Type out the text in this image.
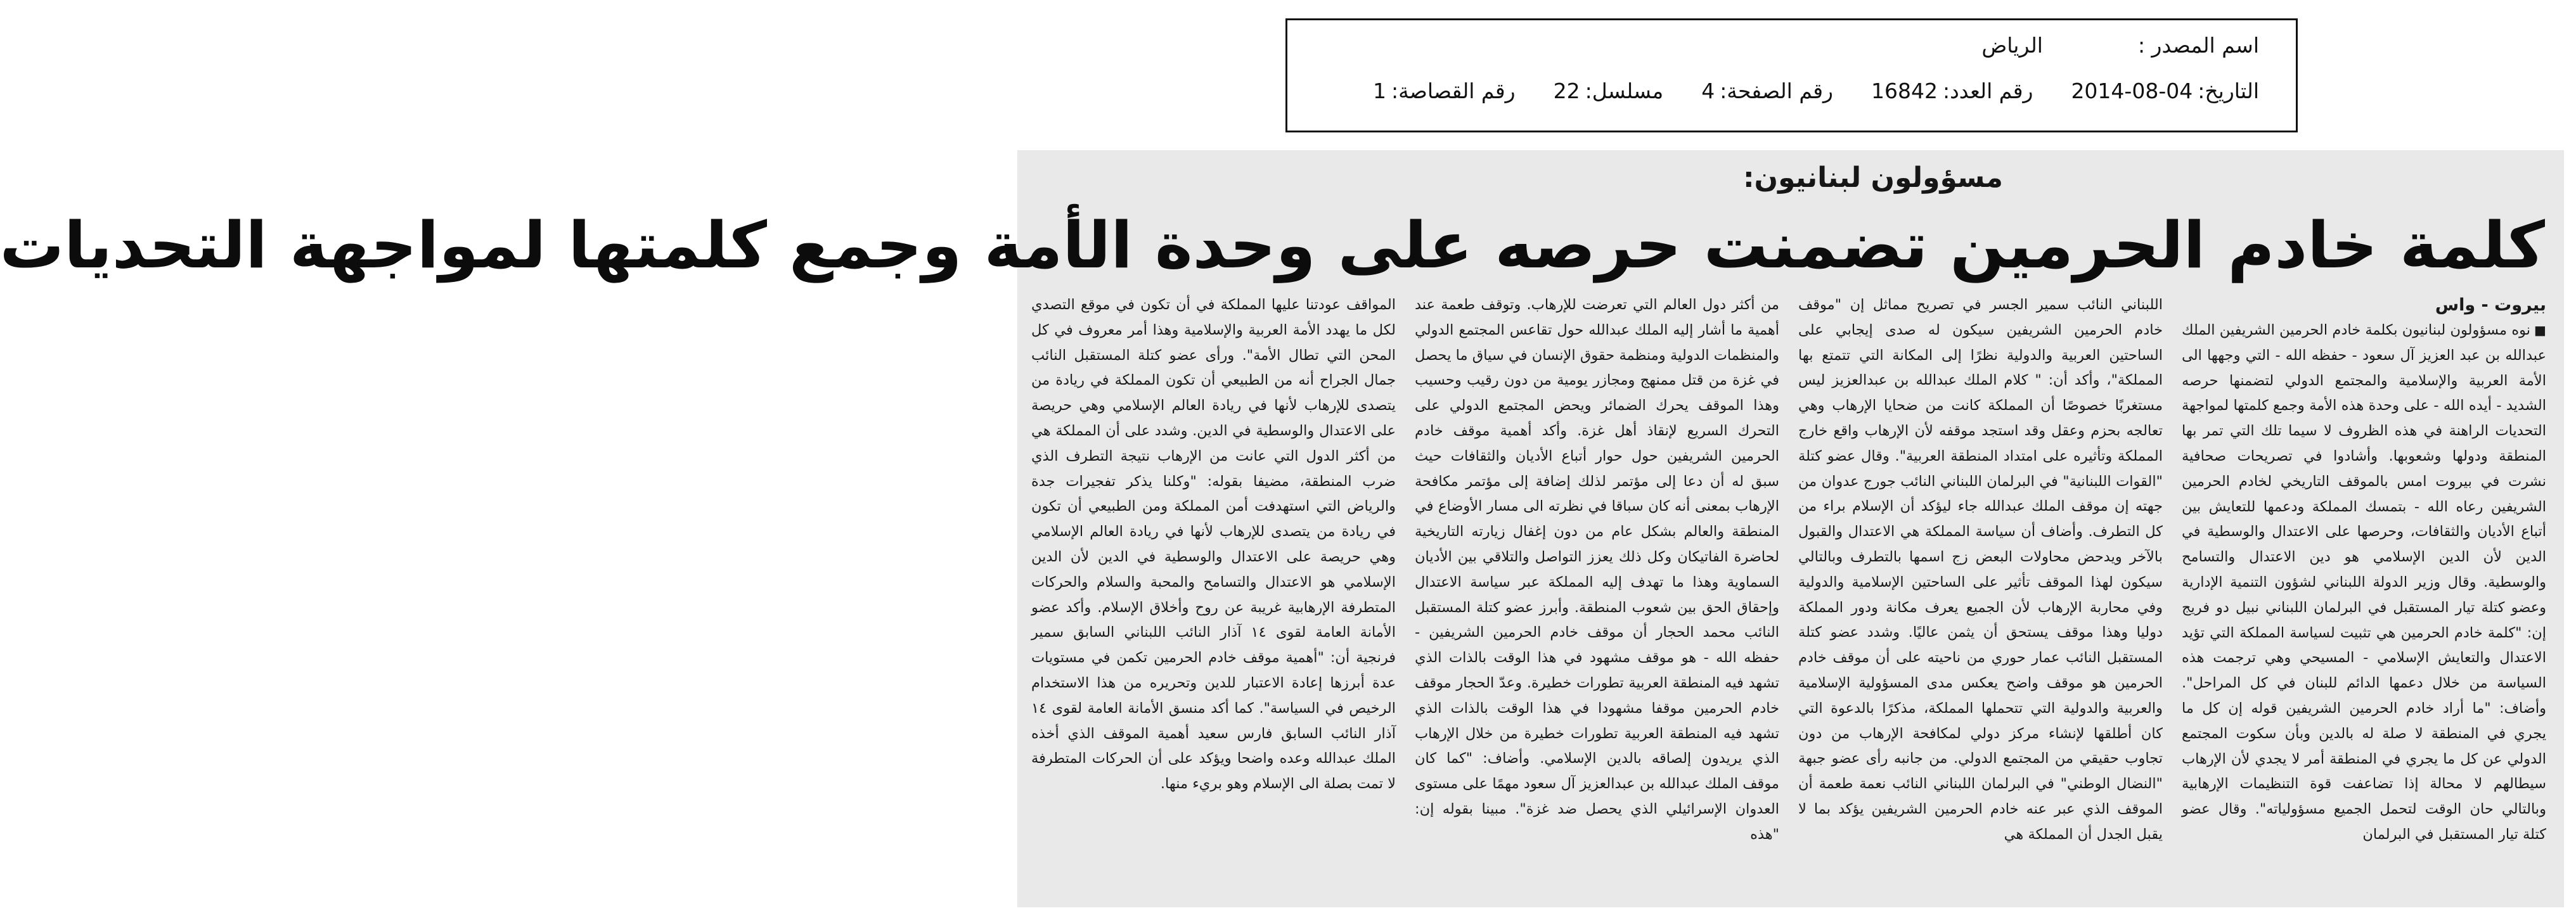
اسم المصدر :
الرياض
التاريخ:
2014-08-04
رقم العدد:
16842
رقم الصفحة:
4
مسلسل:
22
رقم القصاصة:
1
مسؤولون لبنانيون:
كلمة خادم الحرمين تضمنت حرصه على وحدة الأمة وجمع كلمتها لمواجهة التحديات
بيروت - واس

■نوه مسؤولون لبنانيون بكلمة خادم الحرمين الشريفين الملك عبدالله بن عبد العزيز آل سعود - حفظه الله - التي وجهها الى الأمة العربية والإسلامية والمجتمع الدولي لتضمنها حرصه الشديد - أيده الله - على وحدة هذه الأمة وجمع كلمتها لمواجهة التحديات الراهنة في هذه الظروف لا سيما تلك التي تمر بها المنطقة ودولها وشعوبها. وأشادوا في تصريحات صحافية نشرت في بيروت امس بالموقف التاريخي لخادم الحرمين الشريفين رعاه الله - بتمسك المملكة ودعمها للتعايش بين أتباع الأديان والثقافات، وحرصها على الاعتدال والوسطية في الدين لأن الدين الإسلامي هو دين الاعتدال والتسامح والوسطية. وقال وزير الدولة اللبناني لشؤون التنمية الإدارية وعضو كتلة تيار المستقبل في البرلمان اللبناني نبيل دو فريج إن: "كلمة خادم الحرمين هي تثبيت لسياسة المملكة التي تؤيد الاعتدال والتعايش الإسلامي - المسيحي وهي ترجمت هذه السياسة من خلال دعمها الدائم للبنان في كل المراحل". وأضاف: "ما أراد خادم الحرمين الشريفين قوله إن كل ما يجري في المنطقة لا صلة له بالدين وبأن سكوت المجتمع الدولي عن كل ما يجري في المنطقة أمر لا يجدي لأن الإرهاب سيطالهم لا محالة إذا تضاعفت قوة التنظيمات الإرهابية وبالتالي حان الوقت لتحمل الجميع مسؤولياته". وقال عضو كتلة تيار المستقبل في البرلمان

اللبناني النائب سمير الجسر في تصريح مماثل إن "موقف خادم الحرمين الشريفين سيكون له صدى إيجابي على الساحتين العربية والدولية نظرًا إلى المكانة التي تتمتع بها المملكة"، وأكد أن: " كلام الملك عبدالله بن عبدالعزيز ليس مستغربًا خصوصًا أن المملكة كانت من ضحايا الإرهاب وهي تعالجه بحزم وعقل وقد استجد موقفه لأن الإرهاب واقع خارج المملكة وتأثيره على امتداد المنطقة العربية". وقال عضو كتلة "القوات اللبنانية" في البرلمان اللبناني النائب جورج عدوان من جهته إن موقف الملك عبدالله جاء ليؤكد أن الإسلام براء من كل التطرف. وأضاف أن سياسة المملكة هي الاعتدال والقبول بالآخر ويدحض محاولات البعض زج اسمها بالتطرف وبالتالي سيكون لهذا الموقف تأثير على الساحتين الإسلامية والدولية وفي محاربة الإرهاب لأن الجميع يعرف مكانة ودور المملكة دوليا وهذا موقف يستحق أن يثمن عاليًا. وشدد عضو كتلة المستقبل النائب عمار حوري من ناحيته على أن موقف خادم الحرمين هو موقف واضح يعكس مدى المسؤولية الإسلامية والعربية والدولية التي تتحملها المملكة، مذكرًا بالدعوة التي كان أطلقها لإنشاء مركز دولي لمكافحة الإرهاب من دون تجاوب حقيقي من المجتمع الدولي. من جانبه رأى عضو جبهة "النضال الوطني" في البرلمان اللبناني النائب نعمة طعمة أن الموقف الذي عبر عنه خادم الحرمين الشريفين يؤكد بما لا يقبل الجدل أن المملكة هي

من أكثر دول العالم التي تعرضت للإرهاب. وتوقف طعمة عند أهمية ما أشار إليه الملك عبدالله حول تقاعس المجتمع الدولي والمنظمات الدولية ومنظمة حقوق الإنسان في سياق ما يحصل في غزة من قتل ممنهج ومجازر يومية من دون رقيب وحسيب وهذا الموقف يحرك الضمائر ويحض المجتمع الدولي على التحرك السريع لإنقاذ أهل غزة. وأكد أهمية موقف خادم الحرمين الشريفين حول حوار أتباع الأديان والثقافات حيث سبق له أن دعا إلى مؤتمر لذلك إضافة إلى مؤتمر مكافحة الإرهاب بمعنى أنه كان سباقا في نظرته الى مسار الأوضاع في المنطقة والعالم بشكل عام من دون إغفال زيارته التاريخية لحاضرة الفاتيكان وكل ذلك يعزز التواصل والتلاقي بين الأديان السماوية وهذا ما تهدف إليه المملكة عبر سياسة الاعتدال وإحقاق الحق بين شعوب المنطقة. وأبرز عضو كتلة المستقبل النائب محمد الحجار أن موقف خادم الحرمين الشريفين - حفظه الله - هو موقف مشهود في هذا الوقت بالذات الذي تشهد فيه المنطقة العربية تطورات خطيرة. وعدّ الحجار موقف خادم الحرمين موقفا مشهودا في هذا الوقت بالذات الذي تشهد فيه المنطقة العربية تطورات خطيرة من خلال الإرهاب الذي يريدون إلصاقه بالدين الإسلامي. وأضاف: "كما كان موقف الملك عبدالله بن عبدالعزيز آل سعود مهمًا على مستوى العدوان الإسرائيلي الذي يحصل ضد غزة". مبينا بقوله إن: "هذه

المواقف عودتنا عليها المملكة في أن تكون في موقع التصدي لكل ما يهدد الأمة العربية والإسلامية وهذا أمر معروف في كل المحن التي تطال الأمة". ورأى عضو كتلة المستقبل النائب جمال الجراح أنه من الطبيعي أن تكون المملكة في ريادة من يتصدى للإرهاب لأنها في ريادة العالم الإسلامي وهي حريصة على الاعتدال والوسطية في الدين. وشدد على أن المملكة هي من أكثر الدول التي عانت من الإرهاب نتيجة التطرف الذي ضرب المنطقة، مضيفا بقوله: "وكلنا يذكر تفجيرات جدة والرياض التي استهدفت أمن المملكة ومن الطبيعي أن تكون في ريادة من يتصدى للإرهاب لأنها في ريادة العالم الإسلامي وهي حريصة على الاعتدال والوسطية في الدين لأن الدين الإسلامي هو الاعتدال والتسامح والمحبة والسلام والحركات المتطرفة الإرهابية غريبة عن روح وأخلاق الإسلام. وأكد عضو الأمانة العامة لقوى ١٤ آذار النائب اللبناني السابق سمير فرنجية أن: "أهمية موقف خادم الحرمين تكمن في مستويات عدة أبرزها إعادة الاعتبار للدين وتحريره من هذا الاستخدام الرخيص في السياسة". كما أكد منسق الأمانة العامة لقوى ١٤ آذار النائب السابق فارس سعيد أهمية الموقف الذي أخذه الملك عبدالله وعده واضحا ويؤكد على أن الحركات المتطرفة لا تمت بصلة الى الإسلام وهو بريء منها.
